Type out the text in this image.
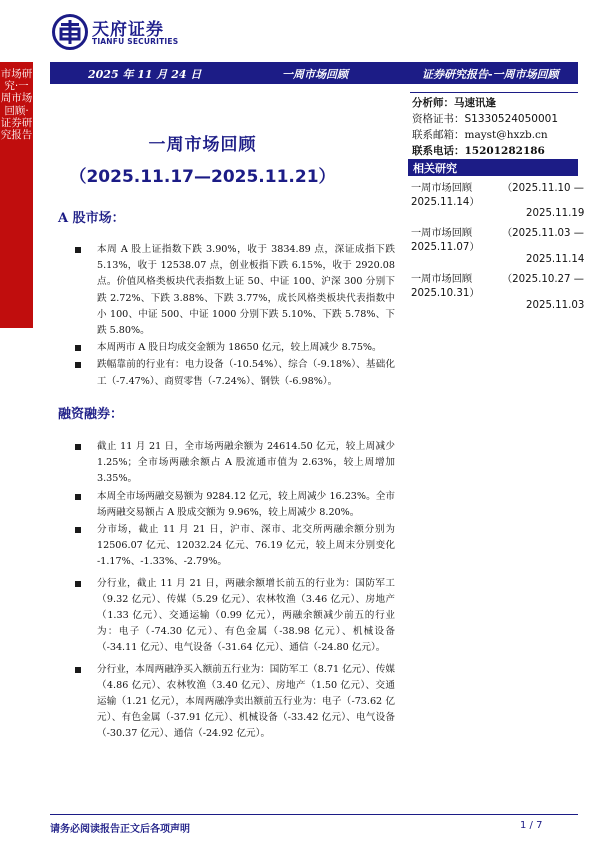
天府证券
TIANFU SECURITIES
市场研究·一周市场回顾·证券研究报告
2025 年 11 月 24 日	一周市场回顾	证券研究报告-一周市场回顾
一周市场回顾
（2025.11.17—2025.11.21）
分析师：马速讯逢
资格证书：S1330524050001
联系邮箱：mayst@hxzb.cn
联系电话：15201282186
相关研究
一周市场回顾	（2025.11.10 —
2025.11.14）
2025.11.19
一周市场回顾	（2025.11.03 —
2025.11.07）
2025.11.14
一周市场回顾	（2025.10.27 —
2025.10.31）
2025.11.03
A 股市场：
本周 A 股上证指数下跌 3.90%，收于 3834.89 点，深证成指下跌 5.13%，收于 12538.07 点，创业板指下跌 6.15%，收于 2920.08 点。价值风格类板块代表指数上证 50、中证 100、沪深 300 分别下跌 2.72%、下跌 3.88%、下跌 3.77%，成长风格类板块代表指数中小 100、中证 500、中证 1000 分别下跌 5.10%、下跌 5.78%、下跌 5.80%。
本周两市 A 股日均成交金额为 18650 亿元，较上周减少 8.75%。
跌幅靠前的行业有：电力设备（-10.54%）、综合（-9.18%）、基础化工（-7.47%）、商贸零售（-7.24%）、钢铁（-6.98%）。
融资融券：
截止 11 月 21 日，全市场两融余额为 24614.50 亿元，较上周减少 1.25%；全市场两融余额占 A 股流通市值为 2.63%，较上周增加 3.35%。
本周全市场两融交易额为 9284.12 亿元，较上周减少 16.23%。全市场两融交易额占 A 股成交额为 9.96%，较上周减少 8.20%。
分市场，截止 11 月 21 日，沪市、深市、北交所两融余额分别为 12506.07 亿元、12032.24 亿元、76.19 亿元，较上周末分别变化 -1.17%、-1.33%、-2.79%。
分行业，截止 11 月 21 日，两融余额增长前五的行业为：国防军工（9.32 亿元）、传媒（5.29 亿元）、农林牧渔（3.46 亿元）、房地产（1.33 亿元）、交通运输（0.99 亿元），两融余额减少前五的行业为：电子（-74.30 亿元）、有色金属（-38.98 亿元）、机械设备（-34.11 亿元）、电气设备（-31.64 亿元）、通信（-24.80 亿元）。
分行业，本周两融净买入额前五行业为：国防军工（8.71 亿元）、传媒（4.86 亿元）、农林牧渔（3.40 亿元）、房地产（1.50 亿元）、交通运输（1.21 亿元），本周两融净卖出额前五行业为：电子（-73.62 亿元）、有色金属（-37.91 亿元）、机械设备（-33.42 亿元）、电气设备（-30.37 亿元）、通信（-24.92 亿元）。
请务必阅读报告正文后各项声明	1 / 7
